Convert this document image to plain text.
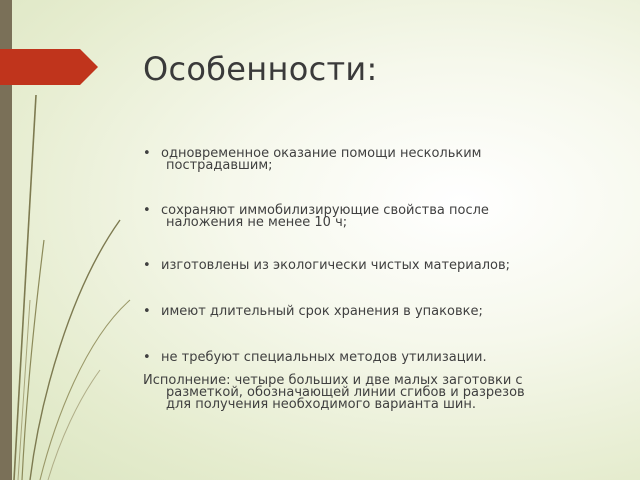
Особенности:
• одновременное оказание помощи нескольким
пострадавшим;
• сохраняют иммобилизирующие свойства после
наложения не менее 10 ч;
• изготовлены из экологически чистых материалов;
• имеют длительный срок хранения в упаковке;
• не требуют специальных методов утилизации.

Исполнение: четыре больших и две малых заготовки с
разметкой, обозначающей линии сгибов и разрезов
для получения необходимого варианта шин.
